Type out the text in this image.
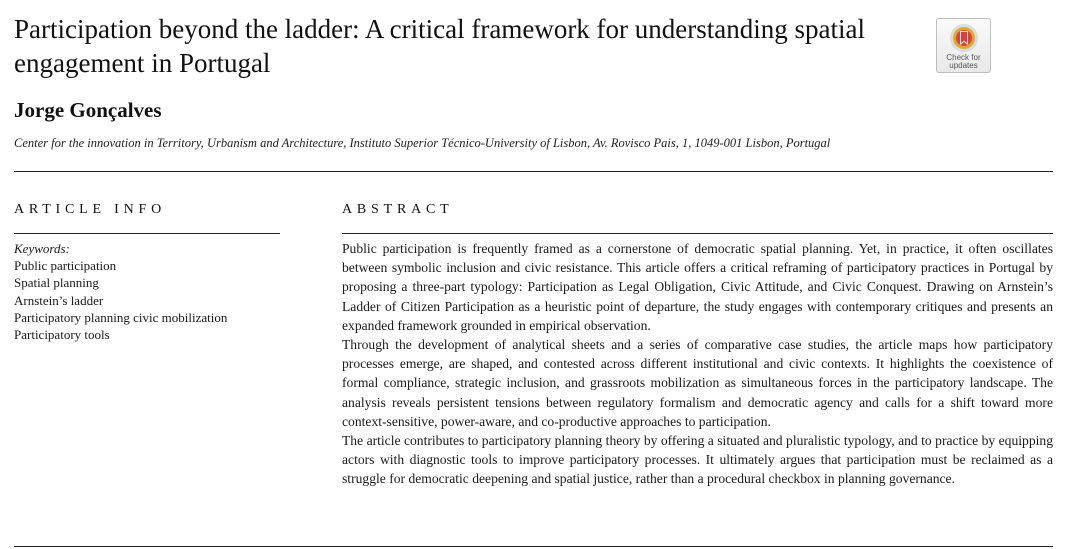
Participation beyond the ladder: A critical framework for understanding spatial engagement in Portugal	Check for
updates
Jorge Gonçalves
Center for the innovation in Territory, Urbanism and Architecture, Instituto Superior Técnico-University of Lisbon, Av. Rovisco Pais, 1, 1049-001 Lisbon, Portugal
ARTICLE INFO	ABSTRACT
Keywords:
Public participation
Spatial planning
Arnstein’s ladder
Participatory planning civic mobilization
Participatory tools

Public participation is frequently framed as a cornerstone of democratic spatial planning. Yet, in practice, it often oscillates between symbolic inclusion and civic resistance. This article offers a critical reframing of participatory practices in Portugal by proposing a three-part typology: Participation as Legal Obligation, Civic Attitude, and Civic Conquest. Drawing on Arnstein’s Ladder of Citizen Participation as a heuristic point of departure, the study engages with contemporary critiques and presents an expanded framework grounded in empirical observation.

Through the development of analytical sheets and a series of comparative case studies, the article maps how participatory processes emerge, are shaped, and contested across different institutional and civic contexts. It highlights the coexistence of formal compliance, strategic inclusion, and grassroots mobilization as simultaneous forces in the participatory landscape. The analysis reveals persistent tensions between regulatory formalism and democratic agency and calls for a shift toward more context-sensitive, power-aware, and co-productive approaches to participation.

The article contributes to participatory planning theory by offering a situated and pluralistic typology, and to practice by equipping actors with diagnostic tools to improve participatory processes. It ultimately argues that participation must be reclaimed as a struggle for democratic deepening and spatial justice, rather than a procedural checkbox in planning governance.
